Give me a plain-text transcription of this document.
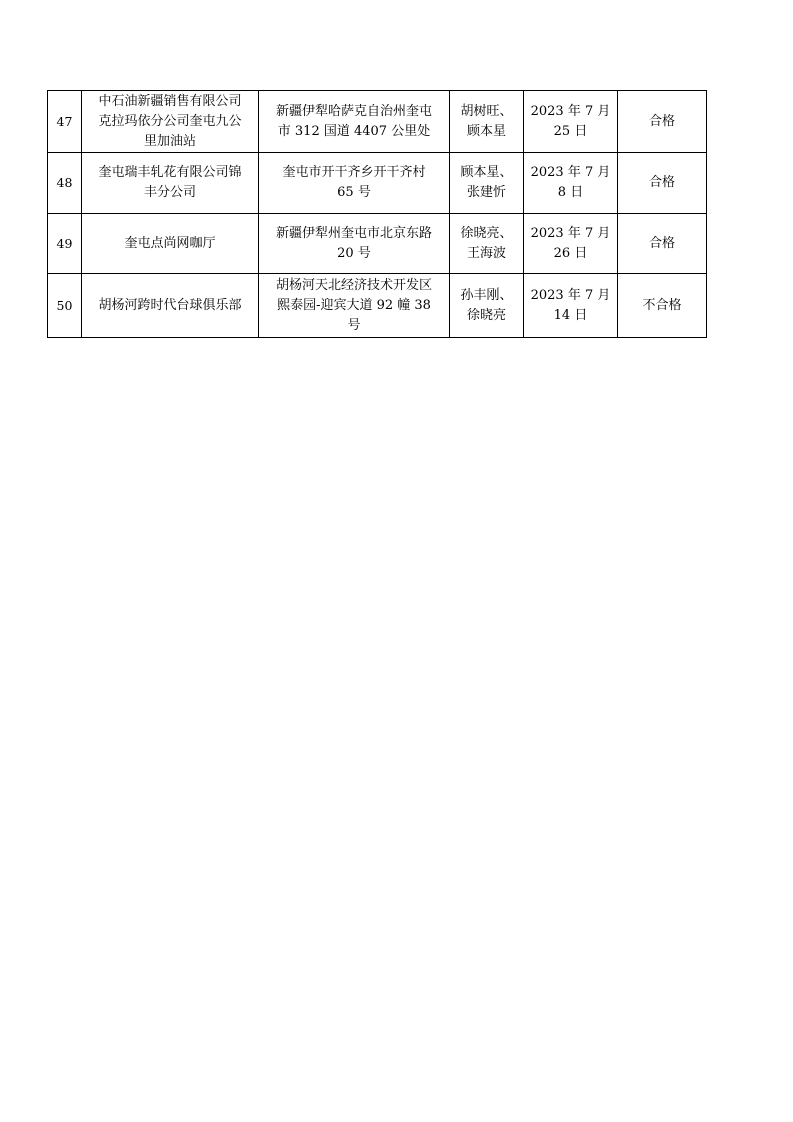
47	中石油新疆销售有限公司
克拉玛依分公司奎屯九公
里加油站	新疆伊犁哈萨克自治州奎屯
市 312 国道 4407 公里处	胡树旺、
顾本星	2023 年 7 月
25 日	合格
48	奎屯瑞丰轧花有限公司锦
丰分公司	奎屯市开干齐乡开干齐村
65 号	顾本星、
张建忻	2023 年 7 月
8 日	合格
49	奎屯点尚网咖厅	新疆伊犁州奎屯市北京东路
20 号	徐晓亮、
王海波	2023 年 7 月
26 日	合格
50	胡杨河跨时代台球俱乐部	胡杨河天北经济技术开发区
熙泰园-迎宾大道 92 幢 38
号	孙丰刚、
徐晓亮	2023 年 7 月
14 日	不合格
